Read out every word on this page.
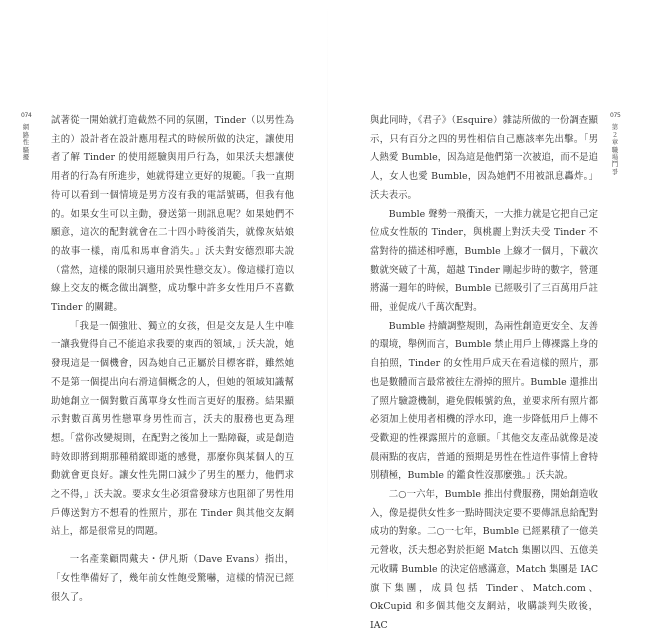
074
網路性騷擾

試著從一開始就打造截然不同的氛圍，Tinder（以男性為主的）設計者在設計應用程式的時候所做的決定，讓使用者了解 Tinder 的使用經驗與用戶行為，如果沃夫想讓使用者的行為有所進步，她就得建立更好的規範。「我一直期待可以看到一個情境是男方沒有我的電話號碼，但我有他的。如果女生可以主動，發送第一則訊息呢？如果她們不願意，這次的配對就會在二十四小時後消失，就像灰姑娘的故事一樣，南瓜和馬車會消失。」沃夫對安德烈耶夫說（當然，這樣的限制只適用於異性戀交友）。像這樣打造以線上交友的概念做出調整，成功擊中許多女性用戶不喜歡 Tinder 的關鍵。

「我是一個強壯、獨立的女孩，但是交友是人生中唯一讓我覺得自己不能追求我要的東西的領域，」沃夫說，她發現這是一個機會，因為她自己正屬於目標客群，雖然她不是第一個提出向右滑這個概念的人，但她的領域知識幫助她創立一個對數百萬單身女性而言更好的服務。結果顯示對數百萬男性戀單身男性而言，沃夫的服務也更為理想。「當你改變規則，在配對之後加上一點障礙，或是創造時效即將到期那種稍縱即逝的感覺，那麼你與某個人的互動就會更良好。讓女性先開口減少了男生的壓力，他們求之不得，」沃夫說。要求女生必須當發球方也阻卻了男性用戶傳送對方不想看的性照片，那在 Tinder 與其他交友網站上，都是很常見的問題。

一名產業顧問戴夫・伊凡斯（Dave Evans）指出，「女性準備好了，幾年前女性飽受驚嚇，這樣的情況已經很久了。

與此同時，《君子》（Esquire）雜誌所做的一份調查顯示，只有百分之四的男性相信自己應該率先出擊。「男人熱愛 Bumble，因為這是他們第一次被追，而不是追人，女人也愛 Bumble，因為她們不用被訊息轟炸。」沃夫表示。

Bumble 聲勢一飛衝天，一大推力就是它把自己定位成女性版的 Tinder，與桃麗上對沃夫受 Tinder 不當對待的描述相呼應，Bumble 上線才一個月，下載次數就突破了十萬，超越 Tinder 剛起步時的數字，營運將滿一週年的時候，Bumble 已經吸引了三百萬用戶註冊，並促成八千萬次配對。

Bumble 持續調整規則，為兩性創造更安全、友善的環境，舉例而言，Bumble 禁止用戶上傳裸露上身的自拍照，Tinder 的女性用戶成天在看這樣的照片，那也是數體而言最常被往左滑掉的照片。Bumble 還推出了照片驗證機制，避免假帳號釣魚，並要求所有照片都必須加上使用者相機的浮水印，進一步降低用戶上傳不受歡迎的性裸露照片的意願。「其他交友產品就像是凌晨兩點的夜店，普通的預期是男性在性這件事情上會特別積極，Bumble 的鑑食性沒那麼強。」沃夫說。

二○一六年，Bumble 推出付費服務，開始創造收入，像是提供女性多一點時間決定要不要傳訊息給配對成功的對象。二○一七年，Bumble 已經累積了一億美元營收，沃夫想必對於拒絕 Match 集團以四、五億美元收購 Bumble 的決定倍感滿意，Match 集團是 IAC 旗下集團，成員包括 Tinder、Match.com、OkCupid 和多個其他交友網站，收購談判失敗後，IAC

075
第２章　職場鬥爭
